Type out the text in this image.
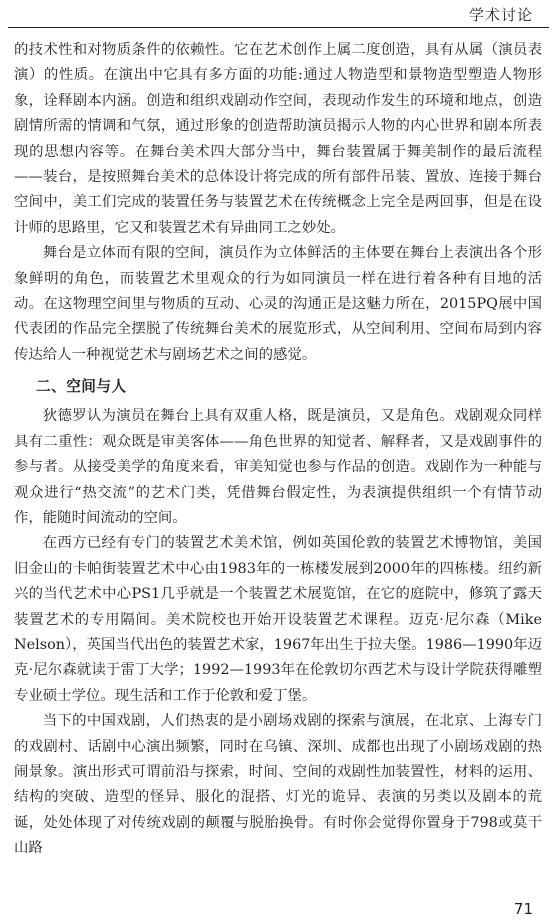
学术讨论

的技术性和对物质条件的依赖性。它在艺术创作上属二度创造，具有从属（演员表演）的性质。在演出中它具有多方面的功能:通过人物造型和景物造型塑造人物形象，诠释剧本内涵。创造和组织戏剧动作空间，表现动作发生的环境和地点，创造剧情所需的情调和气氛，通过形象的创造帮助演员揭示人物的内心世界和剧本所表现的思想内容等。在舞台美术四大部分当中，舞台装置属于舞美制作的最后流程——装台，是按照舞台美术的总体设计将完成的所有部件吊装、置放、连接于舞台空间中，美工们完成的装置任务与装置艺术在传统概念上完全是两回事，但是在设计师的思路里，它又和装置艺术有异曲同工之妙处。

舞台是立体而有限的空间，演员作为立体鲜活的主体要在舞台上表演出各个形象鲜明的角色，而装置艺术里观众的行为如同演员一样在进行着各种有目地的活动。在这物理空间里与物质的互动、心灵的沟通正是这魅力所在，2015PQ展中国代表团的作品完全摆脱了传统舞台美术的展览形式，从空间利用、空间布局到内容传达给人一种视觉艺术与剧场艺术之间的感觉。

二、空间与人

狄德罗认为演员在舞台上具有双重人格，既是演员，又是角色。戏剧观众同样具有二重性：观众既是审美客体——角色世界的知觉者、解释者，又是戏剧事件的参与者。从接受美学的角度来看，审美知觉也参与作品的创造。戏剧作为一种能与观众进行“热交流”的艺术门类，凭借舞台假定性，为表演提供组织一个有情节动作，能随时间流动的空间。

在西方已经有专门的装置艺术美术馆，例如英国伦敦的装置艺术博物馆，美国旧金山的卡帕街装置艺术中心由1983年的一栋楼发展到2000年的四栋楼。纽约新兴的当代艺术中心PS1几乎就是一个装置艺术展览馆，在它的庭院中，修筑了露天装置艺术的专用隔间。美术院校也开始开设装置艺术课程。迈克·尼尔森（Mike Nelson），英国当代出色的装置艺术家，1967年出生于拉夫堡。1986—1990年迈克·尼尔森就读于雷丁大学；1992—1993年在伦敦切尔西艺术与设计学院获得雕塑专业硕士学位。现生活和工作于伦敦和爱丁堡。

当下的中国戏剧，人们热衷的是小剧场戏剧的探索与演展，在北京、上海专门的戏剧村、话剧中心演出频繁，同时在乌镇、深圳、成都也出现了小剧场戏剧的热闹景象。演出形式可谓前沿与探索，时间、空间的戏剧性加装置性，材料的运用、结构的突破、造型的怪异、服化的混搭、灯光的诡异、表演的另类以及剧本的荒诞，处处体现了对传统戏剧的颠覆与脱胎换骨。有时你会觉得你置身于798或莫干山路

71
